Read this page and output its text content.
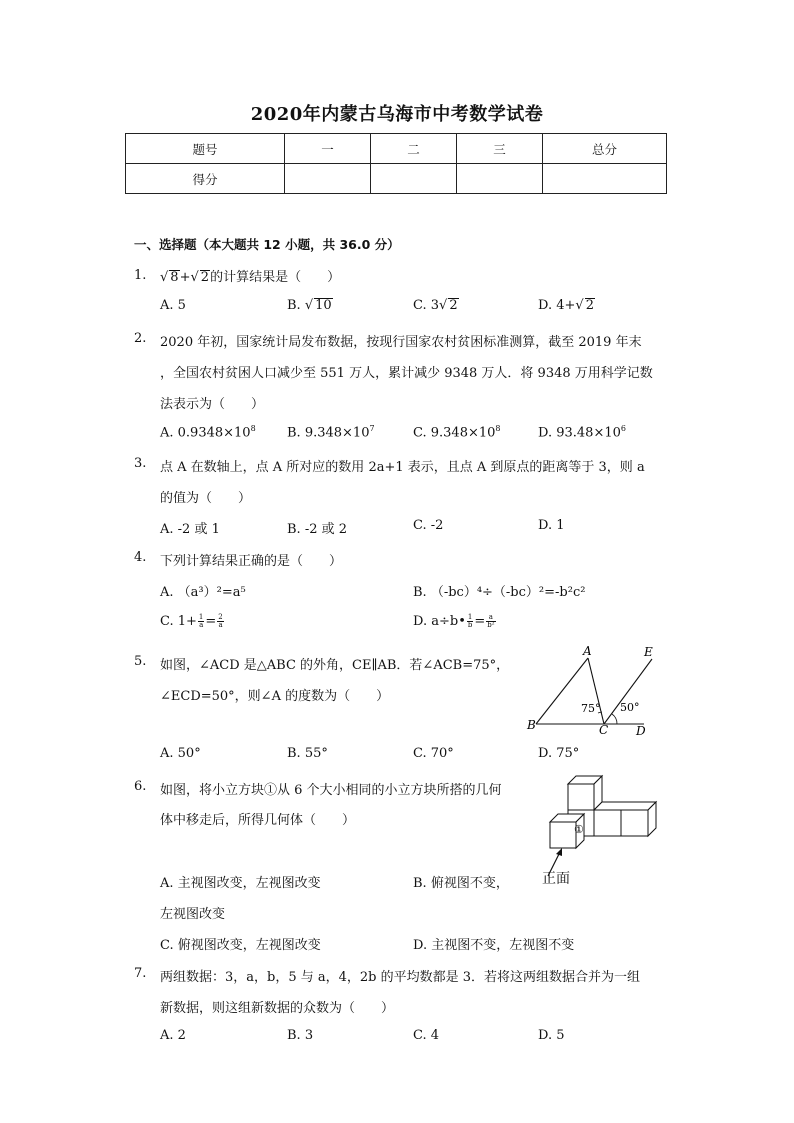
2020年内蒙古乌海市中考数学试卷
题号	一	二	三	总分
得分				
一、选择题（本大题共 12 小题，共 36.0 分）
1. √ 8+√ 2的计算结果是（　　）
A. 5	B. √ 10	C. 3√ 2	D. 4+√ 2
2. 2020 年初，国家统计局发布数据，按现行国家农村贫困标准测算，截至 2019 年末
，全国农村贫困人口减少至 551 万人，累计减少 9348 万人．将 9348 万用科学记数
法表示为（　　）
A. $0.9348\times 10^8$ B. $9.348\times 10^7$	C. $9.348\times 10^8$	D. $93.48\times 10^6$
3. 点 A 在数轴上，点 A 所对应的数用 2a+1 表示，且点 A 到原点的距离等于 3，则 a
的值为（　　）
A. -2 或 1	B. -2 或 2	C. -2	D. 1
4. 下列计算结果正确的是（　　）
A. （a³）²=a⁵	B. （-bc）⁴÷（-bc）²=-b²c²
C. $1+ \frac{1}{a} = \frac{2}{a}$	D. a÷b• $\frac{1}{b} = \frac{a}{\text{b²}}$
5. 如图，∠ACD 是△ABC 的外角，CE∥AB．若∠ACB=75°，
∠ECD=50°，则∠A 的度数为（　　）
A
B	C D
E
75° 50°
A. 50°	B. 55°	C. 70°	D. 75°
6. 如图，将小立方块①从 6 个大小相同的小立方块所搭的几何
体中移走后，所得几何体（　　）
①
正面
A. 主视图改变，左视图改变	B. 俯视图不变，
左视图改变
C. 俯视图改变，左视图改变	D. 主视图不变，左视图不变
7. 两组数据：3，a，b，5 与 a，4，2b 的平均数都是 3．若将这两组数据合并为一组
新数据，则这组新数据的众数为（　　）
A. 2	B. 3	C. 4	D. 5
